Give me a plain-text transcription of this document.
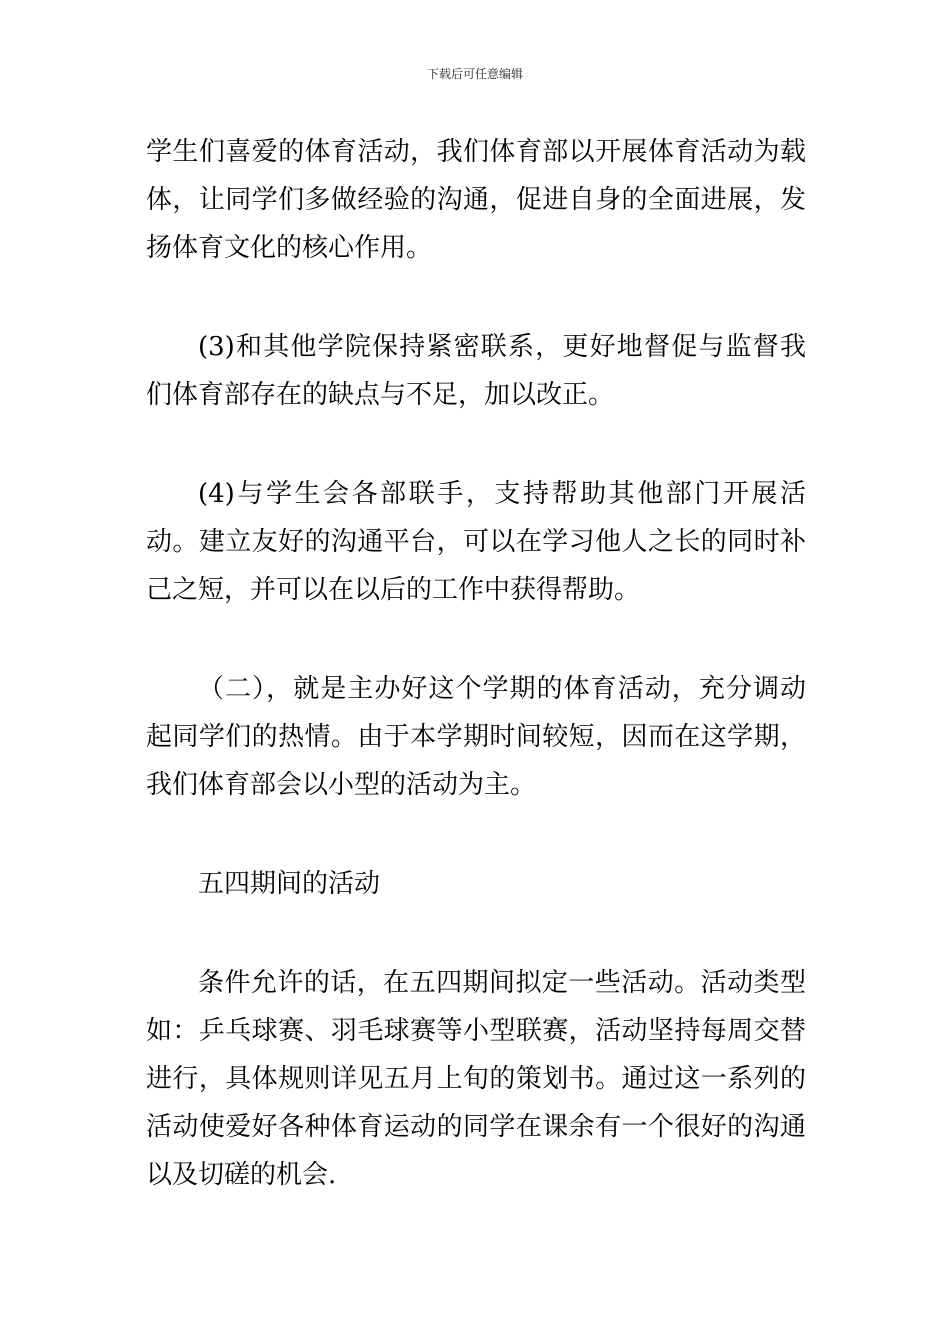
下载后可任意编辑

学生们喜爱的体育活动，我们体育部以开展体育活动为载体，让同学们多做经验的沟通，促进自身的全面进展，发扬体育文化的核心作用。

(3)和其他学院保持紧密联系，更好地督促与监督我们体育部存在的缺点与不足，加以改正。

(4)与学生会各部联手，支持帮助其他部门开展活动。建立友好的沟通平台，可以在学习他人之长的同时补己之短，并可以在以后的工作中获得帮助。

（二），就是主办好这个学期的体育活动，充分调动起同学们的热情。由于本学期时间较短，因而在这学期，我们体育部会以小型的活动为主。

五四期间的活动

条件允许的话，在五四期间拟定一些活动。活动类型如：乒乓球赛、羽毛球赛等小型联赛，活动坚持每周交替进行，具体规则详见五月上旬的策划书。通过这一系列的活动使爱好各种体育运动的同学在课余有一个很好的沟通以及切磋的机会.
